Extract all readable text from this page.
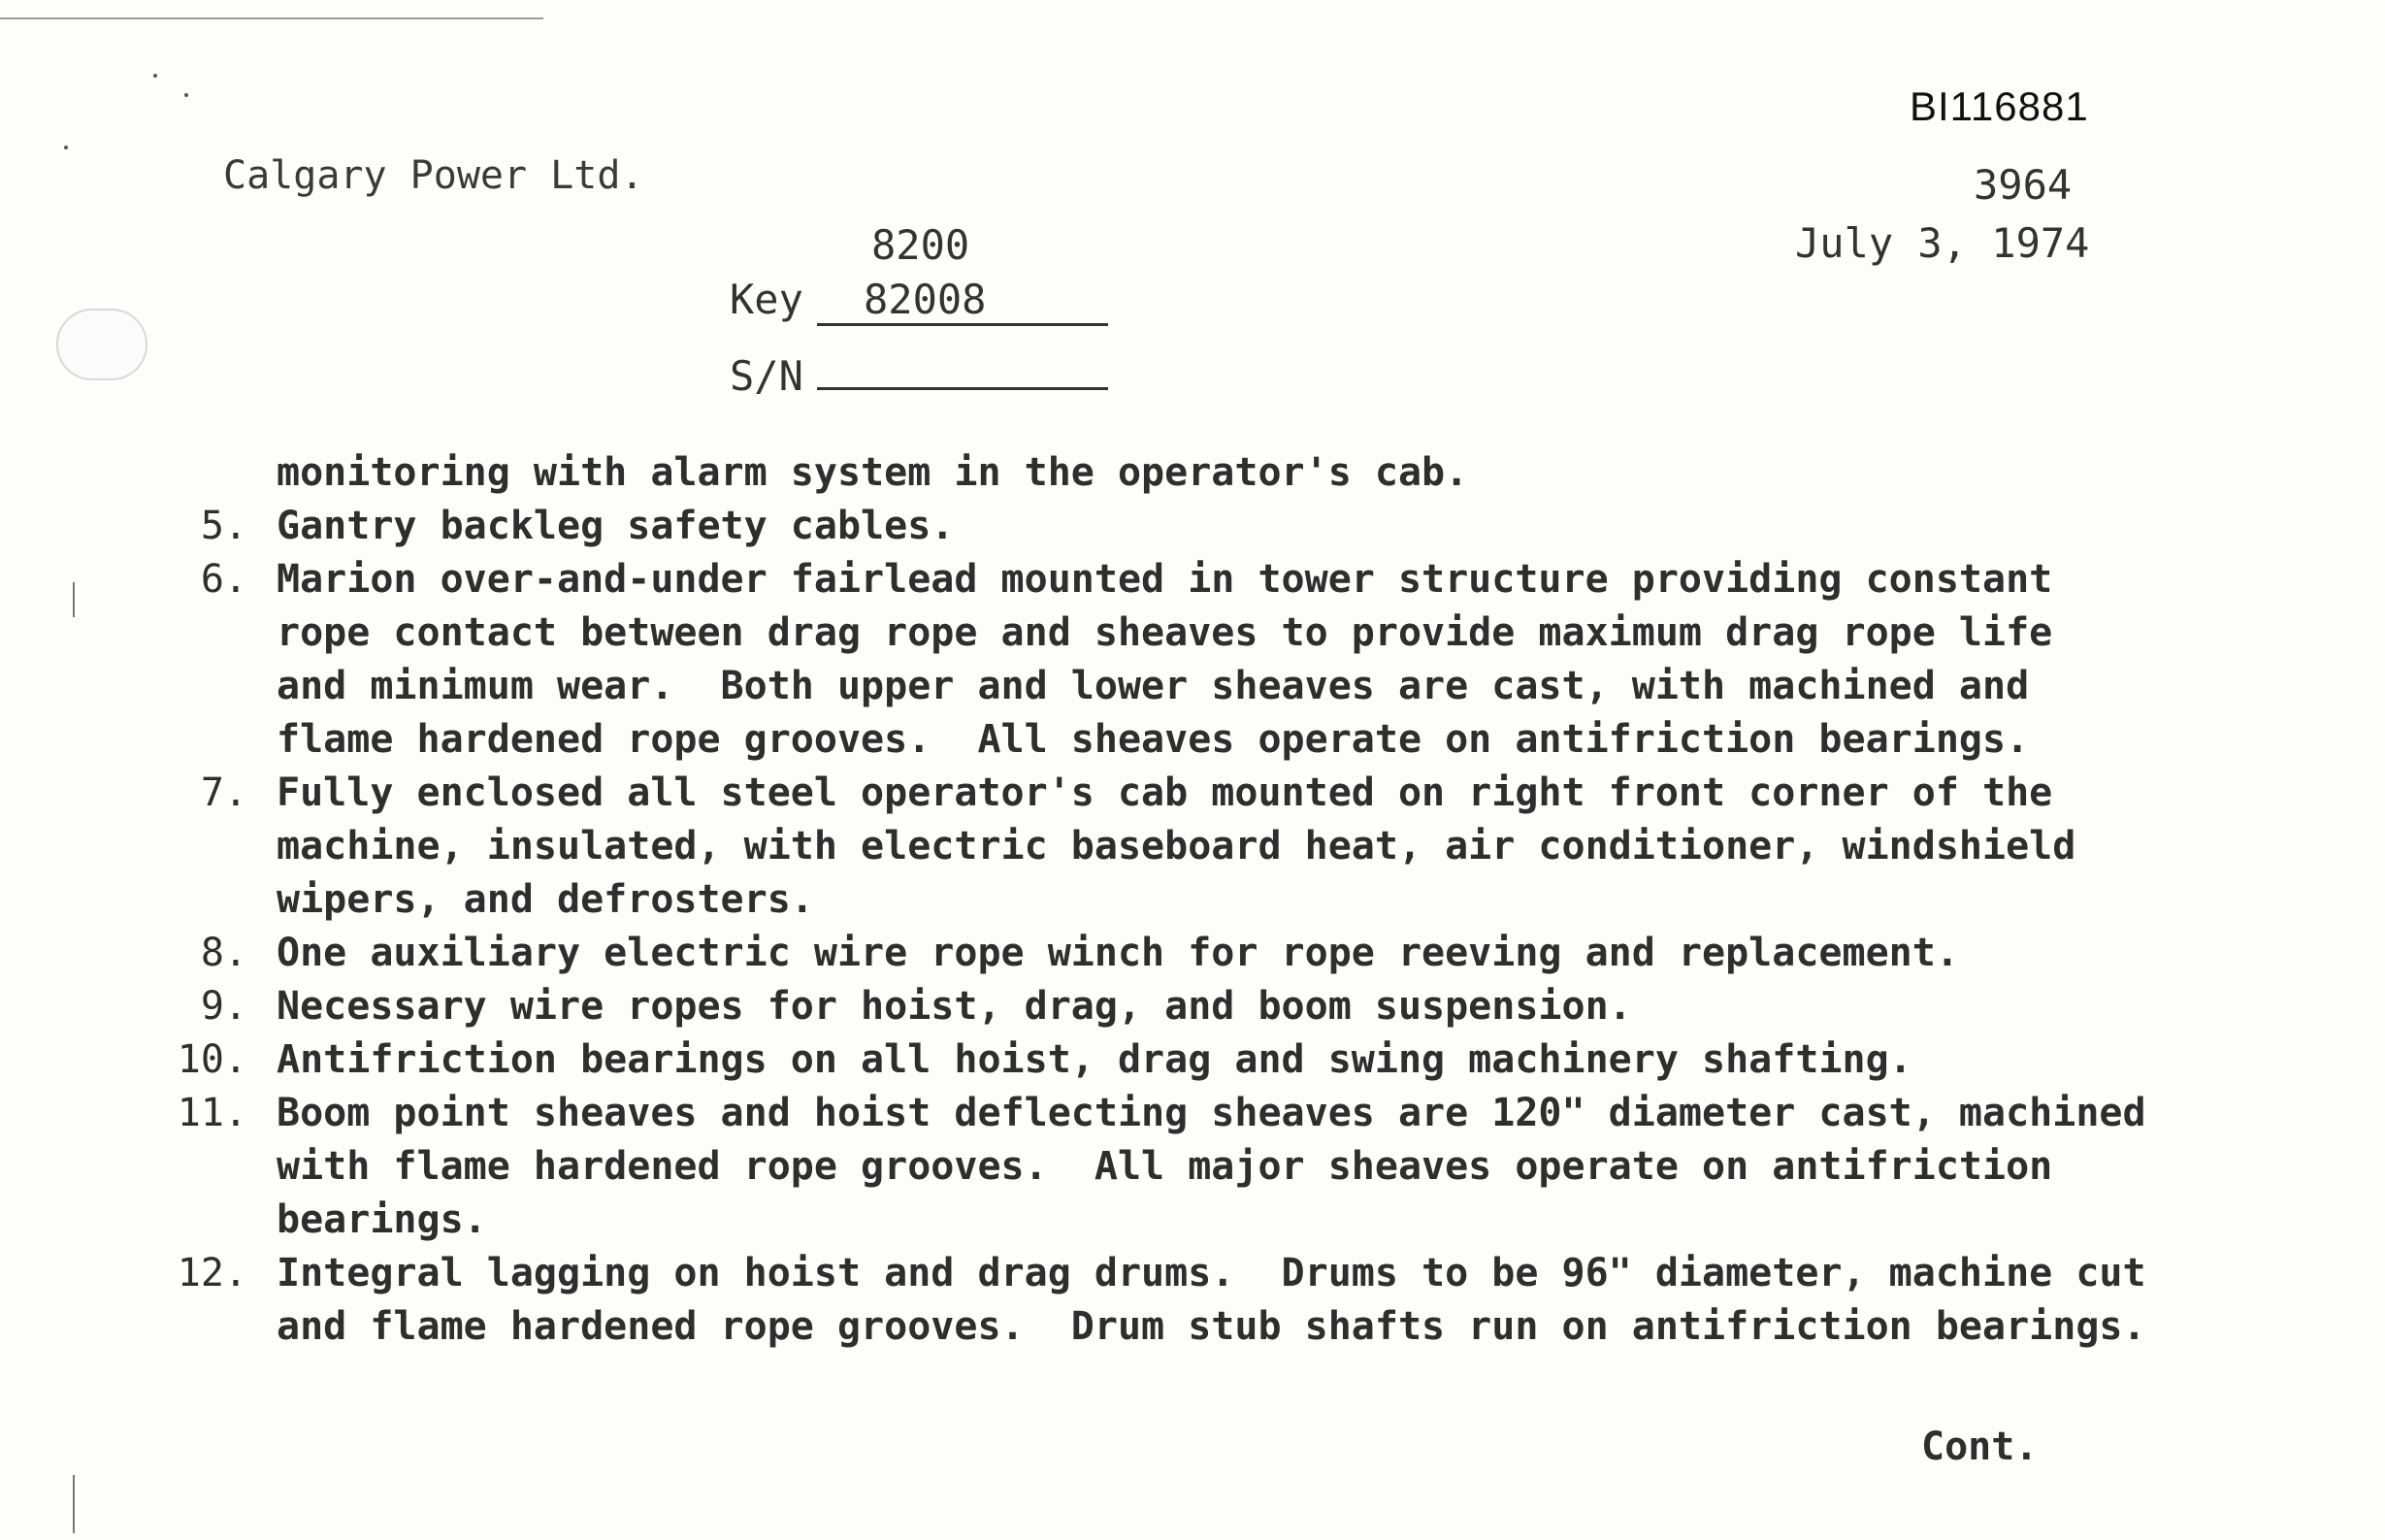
BI116881
Calgary Power Ltd.	3964
July 3, 1974
8200
Key	82008
S/N
monitoring with alarm system in the operator's cab.
5. Gantry backleg safety cables.
6. Marion over-and-under fairlead mounted in tower structure providing constant
rope contact between drag rope and sheaves to provide maximum drag rope life
and minimum wear.  Both upper and lower sheaves are cast, with machined and
flame hardened rope grooves.  All sheaves operate on antifriction bearings.
7. Fully enclosed all steel operator's cab mounted on right front corner of the
machine, insulated, with electric baseboard heat, air conditioner, windshield
wipers, and defrosters.
8. One auxiliary electric wire rope winch for rope reeving and replacement.
9. Necessary wire ropes for hoist, drag, and boom suspension.
10. Antifriction bearings on all hoist, drag and swing machinery shafting.
11. Boom point sheaves and hoist deflecting sheaves are 120" diameter cast, machined
with flame hardened rope grooves.  All major sheaves operate on antifriction
bearings.
12. Integral lagging on hoist and drag drums.  Drums to be 96" diameter, machine cut
and flame hardened rope grooves.  Drum stub shafts run on antifriction bearings.
Cont.
